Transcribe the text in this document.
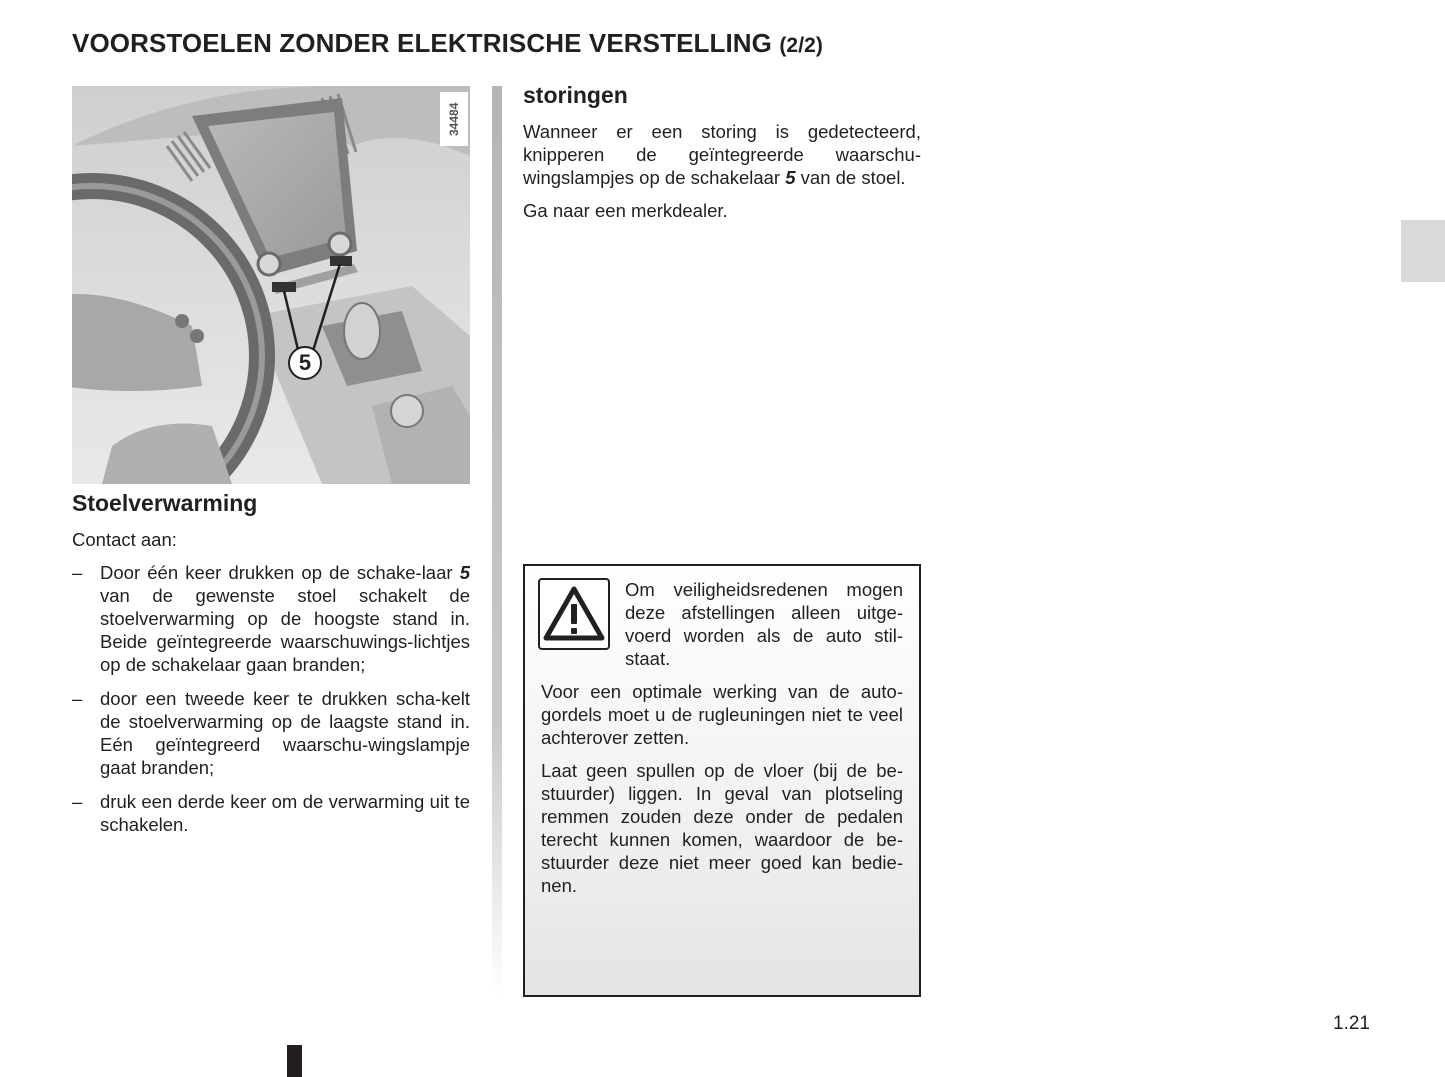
VOORSTOELEN ZONDER ELEKTRISCHE VERSTELLING (2/2)
34484
5
Stoelverwarming

Contact aan:

– Door één keer drukken op de schake-laar 5 van de gewenste stoel schakelt de stoelverwarming op de hoogste stand in. Beide geïntegreerde waarschuwings-lichtjes op de schakelaar gaan branden;
– door een tweede keer te drukken scha-kelt de stoelverwarming op de laagste stand in. Eén geïntegreerd waarschu-wingslampje gaat branden;
– druk een derde keer om de verwarming uit te schakelen.
storingen

Wanneer er een storing is gedetecteerd, knipperen de geïntegreerde waarschu-wingslampjes op de schakelaar 5 van de stoel.

Ga naar een merkdealer.

Om veiligheidsredenen mogen deze afstellingen alleen uitge-voerd worden als de auto stil-staat.

Voor een optimale werking van de auto-gordels moet u de rugleuningen niet te veel achterover zetten.

Laat geen spullen op de vloer (bij de be-stuurder) liggen. In geval van plotseling remmen zouden deze onder de pedalen terecht kunnen komen, waardoor de be-stuurder deze niet meer goed kan bedie-nen.

1.21
